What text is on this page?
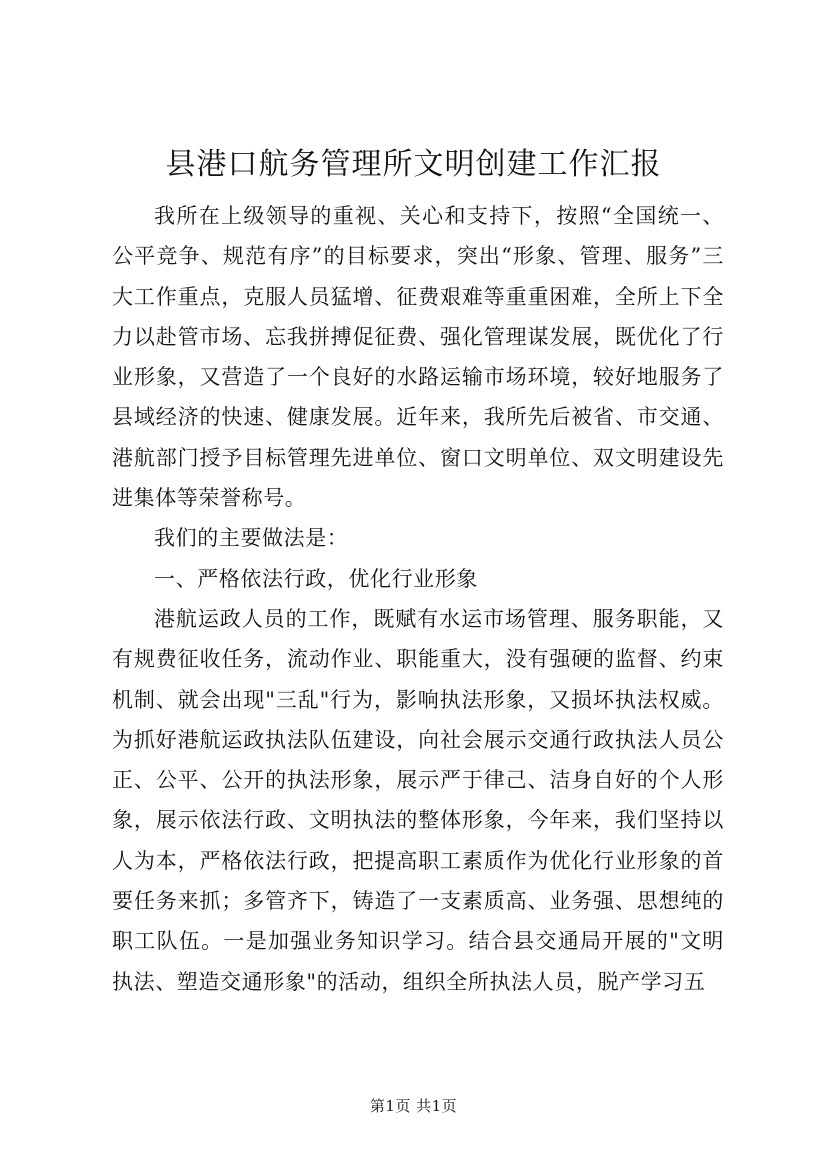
县港口航务管理所文明创建工作汇报

我所在上级领导的重视、关心和支持下，按照“全国统一、公平竞争、规范有序”的目标要求，突出“形象、管理、服务”三大工作重点，克服人员猛增、征费艰难等重重困难，全所上下全力以赴管市场、忘我拼搏促征费、强化管理谋发展，既优化了行业形象，又营造了一个良好的水路运输市场环境，较好地服务了县域经济的快速、健康发展。近年来，我所先后被省、市交通、港航部门授予目标管理先进单位、窗口文明单位、双文明建设先进集体等荣誉称号。

我们的主要做法是：

一、严格依法行政，优化行业形象

港航运政人员的工作，既赋有水运市场管理、服务职能，又有规费征收任务，流动作业、职能重大，没有强硬的监督、约束机制、就会出现"三乱"行为，影响执法形象，又损坏执法权威。为抓好港航运政执法队伍建设，向社会展示交通行政执法人员公正、公平、公开的执法形象，展示严于律己、洁身自好的个人形象，展示依法行政、文明执法的整体形象，今年来，我们坚持以人为本，严格依法行政，把提高职工素质作为优化行业形象的首要任务来抓；多管齐下，铸造了一支素质高、业务强、思想纯的职工队伍。一是加强业务知识学习。结合县交通局开展的"文明执法、塑造交通形象"的活动，组织全所执法人员，脱产学习五

第1页 共1页
